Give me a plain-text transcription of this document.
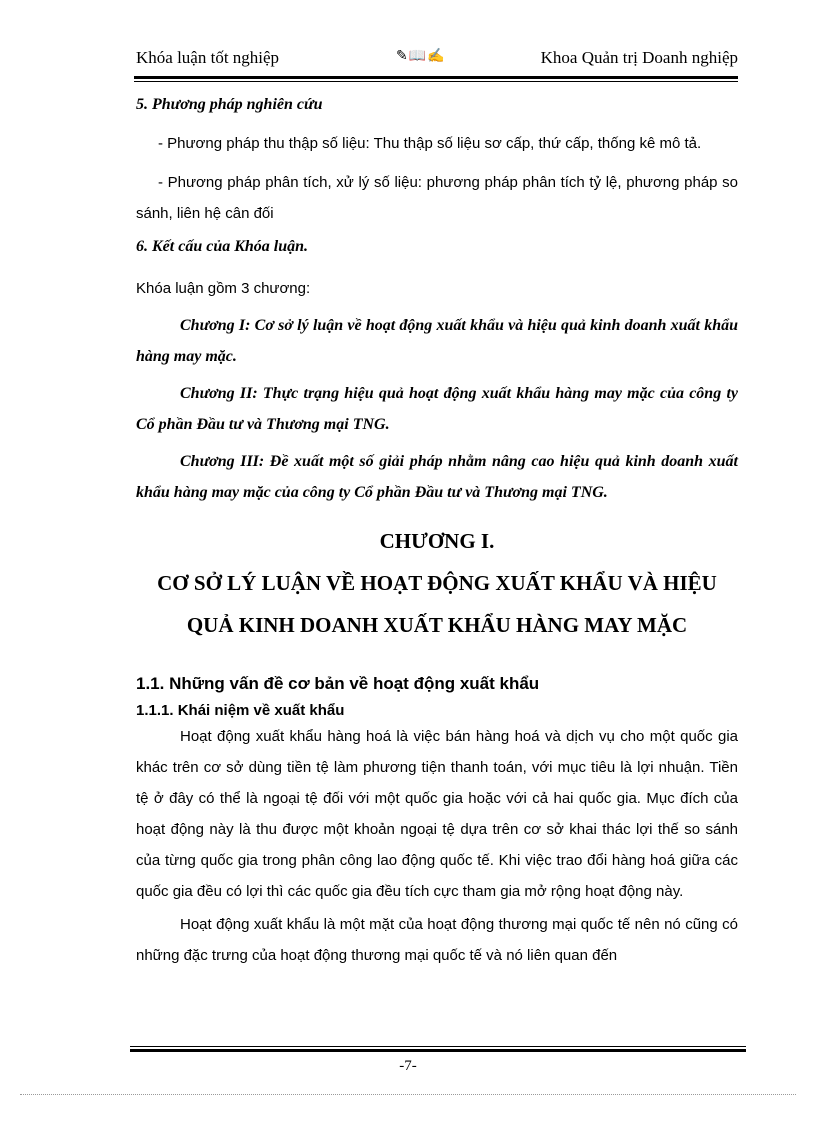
Khóa luận tốt nghiệp	✎📖✍	Khoa Quản trị Doanh nghiệp

5. Phương pháp nghiên cứu

- Phương pháp thu thập số liệu: Thu thập số liệu sơ cấp, thứ cấp, thống kê mô tả.

- Phương pháp phân tích, xử lý số liệu: phương pháp phân tích tỷ lệ, phương pháp so sánh, liên hệ cân đối

6. Kết cấu của Khóa luận.

Khóa luận gồm 3 chương:

Chương I: Cơ sở lý luận về hoạt động xuất khẩu và hiệu quả kinh doanh xuất khẩu hàng may mặc.

Chương II: Thực trạng hiệu quả hoạt động xuất khẩu hàng may mặc của công ty Cổ phần Đầu tư và Thương mại TNG.

Chương III: Đề xuất một số giải pháp nhằm nâng cao hiệu quả kinh doanh xuất khẩu hàng may mặc của công ty Cổ phần Đầu tư và Thương mại TNG.

CHƯƠNG I.

CƠ SỞ LÝ LUẬN VỀ HOẠT ĐỘNG XUẤT KHẨU VÀ HIỆU

QUẢ KINH DOANH XUẤT KHẨU HÀNG MAY MẶC

1.1. Những vấn đề cơ bản về hoạt động xuất khẩu

1.1.1. Khái niệm về xuất khẩu

Hoạt động xuất khẩu hàng hoá là việc bán hàng hoá và dịch vụ cho một quốc gia khác trên cơ sở dùng tiền tệ làm phương tiện thanh toán, với mục tiêu là lợi nhuận. Tiền tệ ở đây có thể là ngoại tệ đối với một quốc gia hoặc với cả hai quốc gia. Mục đích của hoạt động này là thu được một khoản ngoại tệ dựa trên cơ sở khai thác lợi thế so sánh của từng quốc gia trong phân công lao động quốc tế. Khi việc trao đổi hàng hoá giữa các quốc gia đều có lợi thì các quốc gia đều tích cực tham gia mở rộng hoạt động này.

Hoạt động xuất khẩu là một mặt của hoạt động thương mại quốc tế nên nó cũng có những đặc trưng của hoạt động thương mại quốc tế và nó liên quan đến

-7-
